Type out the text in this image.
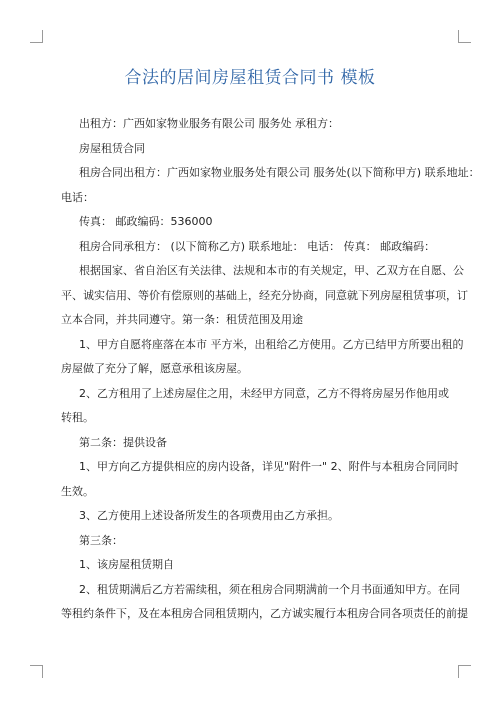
合法的居间房屋租赁合同书 模板

出租方：广西如家物业服务有限公司 服务处 承租方：

房屋租赁合同

租房合同出租方：广西如家物业服务处有限公司 服务处(以下简称甲方) 联系地址：

电话：

传真： 邮政编码：536000

租房合同承租方： (以下简称乙方) 联系地址： 电话： 传真： 邮政编码：

根据国家、省自治区有关法律、法规和本市的有关规定，甲、乙双方在自愿、公

平、诚实信用、等价有偿原则的基础上，经充分协商，同意就下列房屋租赁事项，订

立本合同，并共同遵守。第一条：租赁范围及用途

1、甲方自愿将座落在本市 平方米，出租给乙方使用。乙方已结甲方所要出租的

房屋做了充分了解，愿意承租该房屋。

2、乙方租用了上述房屋住之用，未经甲方同意，乙方不得将房屋另作他用或

转租。

第二条：提供设备

1、甲方向乙方提供相应的房内设备，详见"附件一" 2、附件与本租房合同同时

生效。

3、乙方使用上述设备所发生的各项费用由乙方承担。

第三条：

1、该房屋租赁期自

2、租赁期满后乙方若需续租，须在租房合同期满前一个月书面通知甲方。在同

等租约条件下，及在本租房合同租赁期内，乙方诚实履行本租房合同各项责任的前提
